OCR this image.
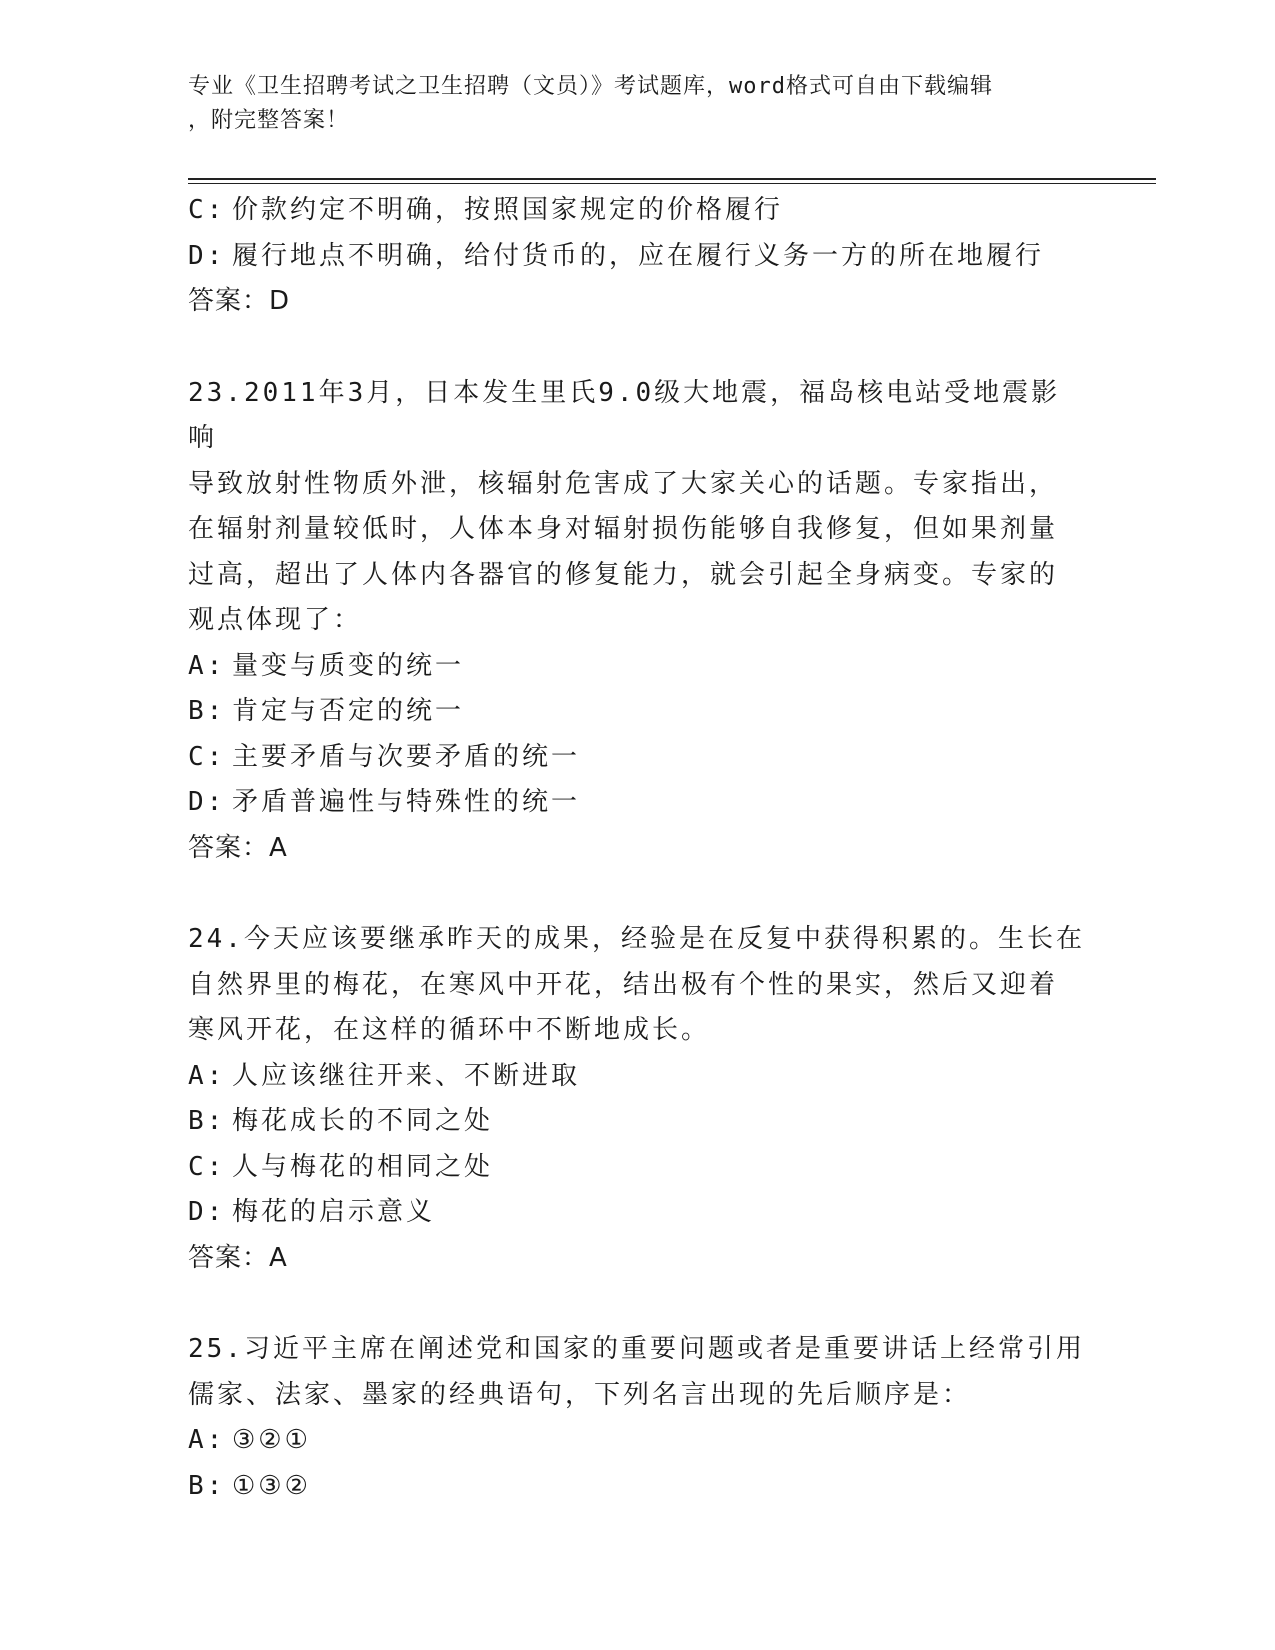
专业《卫生招聘考试之卫生招聘（文员）》考试题库，word格式可自由下载编辑
，附完整答案！

C: 价款约定不明确，按照国家规定的价格履行

D: 履行地点不明确，给付货币的，应在履行义务一方的所在地履行

答案：D

23.2011年3月，日本发生里氏9.0级大地震，福岛核电站受地震影响

导致放射性物质外泄，核辐射危害成了大家关心的话题。专家指出，

在辐射剂量较低时，人体本身对辐射损伤能够自我修复，但如果剂量

过高，超出了人体内各器官的修复能力，就会引起全身病变。专家的

观点体现了：

A: 量变与质变的统一

B: 肯定与否定的统一

C: 主要矛盾与次要矛盾的统一

D: 矛盾普遍性与特殊性的统一

答案：A

24.今天应该要继承昨天的成果，经验是在反复中获得积累的。生长在

自然界里的梅花，在寒风中开花，结出极有个性的果实，然后又迎着

寒风开花，在这样的循环中不断地成长。

A: 人应该继往开来、不断进取

B: 梅花成长的不同之处

C: 人与梅花的相同之处

D: 梅花的启示意义

答案：A

25.习近平主席在阐述党和国家的重要问题或者是重要讲话上经常引用

儒家、法家、墨家的经典语句，下列名言出现的先后顺序是：

A: ③②①

B: ①③②
